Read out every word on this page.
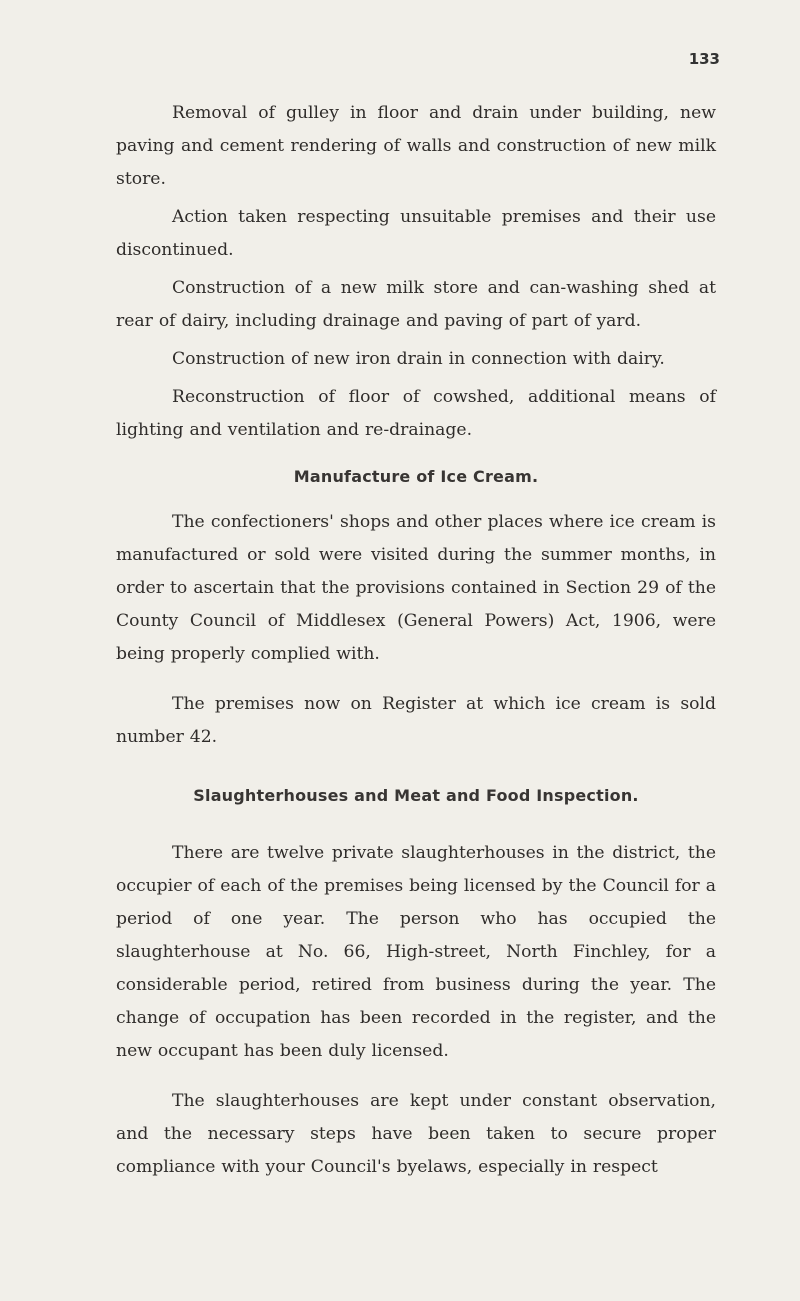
133

Removal of gulley in floor and drain under building, new paving and cement rendering of walls and construction of new milk store.

Action taken respecting unsuitable premises and their use discontinued.

Construction of a new milk store and can-washing shed at rear of dairy, including drainage and paving of part of yard.

Construction of new iron drain in connection with dairy.

Reconstruction of floor of cowshed, additional means of lighting and ventilation and re-drainage.

Manufacture of Ice Cream.

The confectioners' shops and other places where ice cream is manufactured or sold were visited during the summer months, in order to ascertain that the provisions contained in Section 29 of the County Council of Middlesex (General Powers) Act, 1906, were being properly complied with.

The premises now on Register at which ice cream is sold number 42.

Slaughterhouses and Meat and Food Inspection.

There are twelve private slaughterhouses in the district, the occupier of each of the premises being licensed by the Council for a period of one year. The person who has occupied the slaughterhouse at No. 66, High-street, North Finchley, for a considerable period, retired from business during the year. The change of occupation has been recorded in the register, and the new occupant has been duly licensed.

The slaughterhouses are kept under constant observation, and the necessary steps have been taken to secure proper compliance with your Council's byelaws, especially in respect
